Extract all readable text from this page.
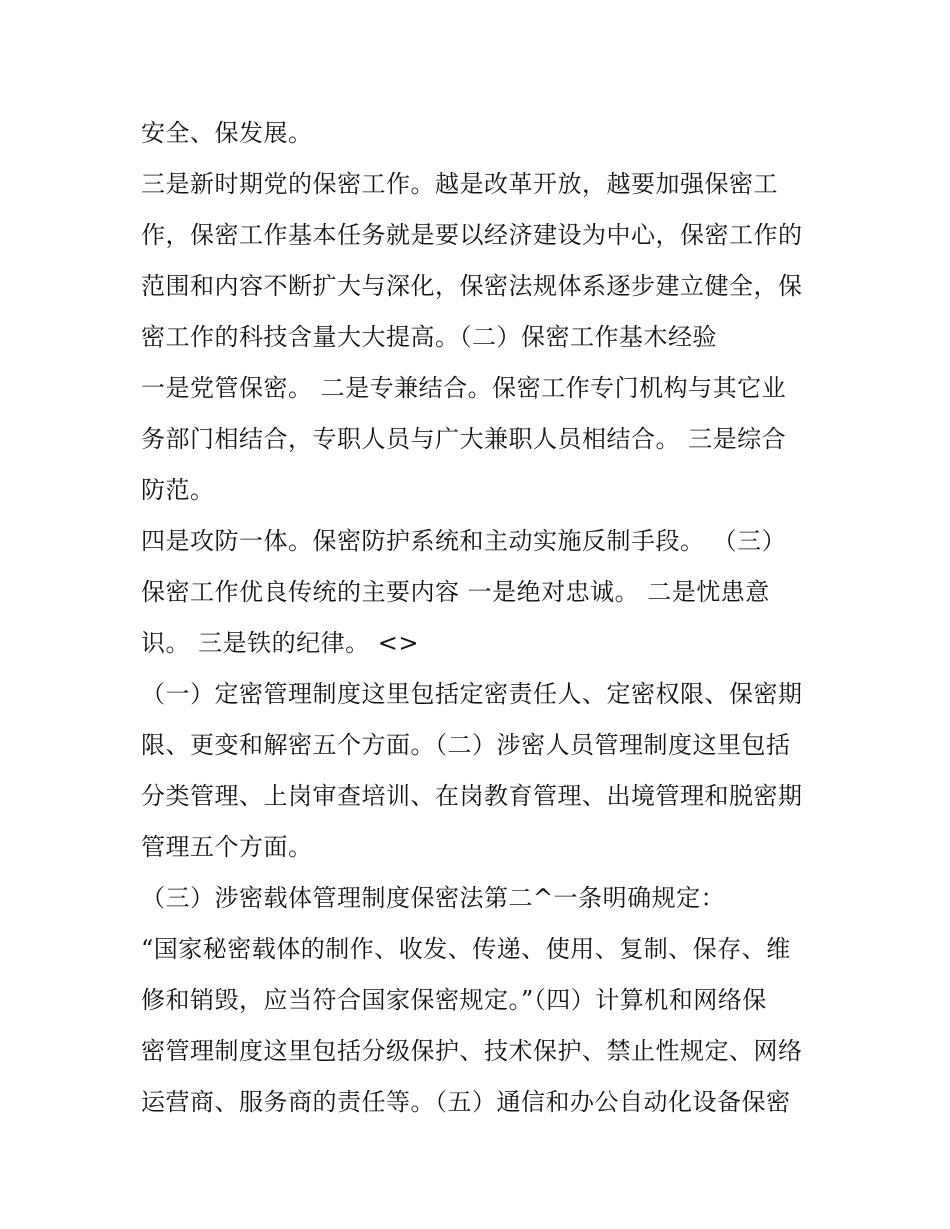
安全、保发展。
三是新时期党的保密工作。越是改革开放，越要加强保密工
作，保密工作基本任务就是要以经济建设为中心，保密工作的
范围和内容不断扩大与深化，保密法规体系逐步建立健全，保
密工作的科技含量大大提高。（二）保密工作基木经验
一是党管保密。 二是专兼结合。保密工作专门机构与其它业
务部门相结合，专职人员与广大兼职人员相结合。 三是综合
防范。
四是攻防一体。保密防护系统和主动实施反制手段。 （三）
保密工作优良传统的主要内容 一是绝对忠诚。 二是忧患意
识。 三是铁的纪律。 <>
（一）定密管理制度这里包括定密责任人、定密权限、保密期
限、更变和解密五个方面。（二）涉密人员管理制度这里包括
分类管理、上岗审查培训、在岗教育管理、出境管理和脱密期
管理五个方面。
（三）涉密载体管理制度保密法第二^一条明确规定：
“国家秘密载体的制作、收发、传递、使用、复制、保存、维
修和销毁，应当符合国家保密规定。”（四）计算机和网络保
密管理制度这里包括分级保护、技术保护、禁止性规定、网络
运营商、服务商的责任等。（五）通信和办公自动化设备保密
